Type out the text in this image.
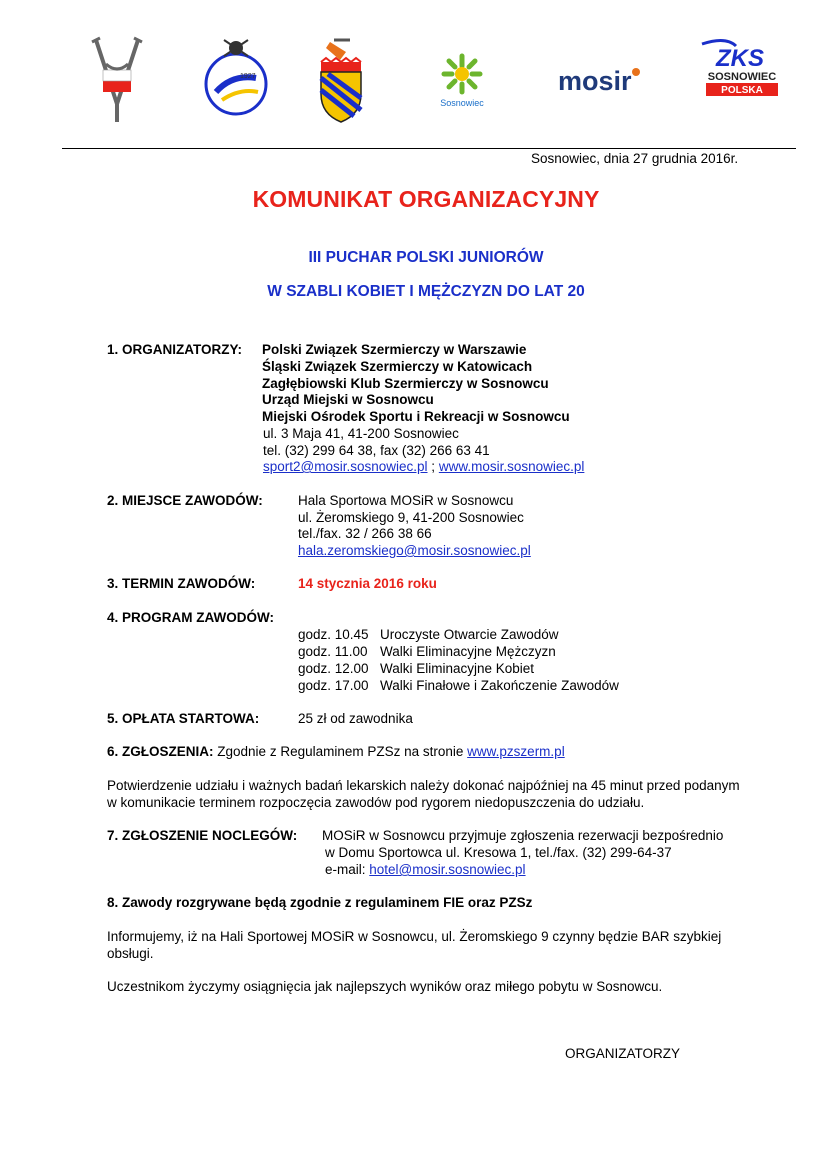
1927
Sosnowiec
mosir
ZKS
SOSNOWIEC
POLSKA
Sosnowiec, dnia 27 grudnia 2016r.
KOMUNIKAT ORGANIZACYJNY
III PUCHAR POLSKI JUNIORÓW
W SZABLI KOBIET I MĘŻCZYZN DO LAT 20
1. ORGANIZATORZY: Polski Związek Szermierczy w Warszawie
Śląski Związek Szermierczy w Katowicach
Zagłębiowski Klub Szermierczy w Sosnowcu
Urząd Miejski w Sosnowcu
Miejski Ośrodek Sportu i Rekreacji w Sosnowcu
ul. 3 Maja 41, 41-200 Sosnowiec
tel. (32) 299 64 38, fax (32) 266 63 41
sport2@mosir.sosnowiec.pl ; www.mosir.sosnowiec.pl
2. MIEJSCE ZAWODÓW:	Hala Sportowa MOSiR w Sosnowcu
ul. Żeromskiego 9, 41-200 Sosnowiec
tel./fax. 32 / 266 38 66
hala.zeromskiego@mosir.sosnowiec.pl
3. TERMIN ZAWODÓW:	14 stycznia 2016 roku
4. PROGRAM ZAWODÓW:
godz. 10.45 Uroczyste Otwarcie Zawodów
godz. 11.00 Walki Eliminacyjne Mężczyzn
godz. 12.00 Walki Eliminacyjne Kobiet
godz. 17.00 Walki Finałowe i Zakończenie Zawodów
5. OPŁATA STARTOWA:	25 zł od zawodnika
6. ZGŁOSZENIA: Zgodnie z Regulaminem PZSz na stronie www.pzszerm.pl
Potwierdzenie udziału i ważnych badań lekarskich należy dokonać najpóźniej na 45 minut przed podanym w komunikacie terminem rozpoczęcia zawodów pod rygorem niedopuszczenia do udziału.
7. ZGŁOSZENIE NOCLEGÓW: MOSiR w Sosnowcu przyjmuje zgłoszenia rezerwacji bezpośrednio
w Domu Sportowca ul. Kresowa 1, tel./fax. (32) 299-64-37
e-mail: hotel@mosir.sosnowiec.pl
8. Zawody rozgrywane będą zgodnie z regulaminem FIE oraz PZSz
Informujemy, iż na Hali Sportowej MOSiR w Sosnowcu, ul. Żeromskiego 9 czynny będzie BAR szybkiej obsługi.
Uczestnikom życzymy osiągnięcia jak najlepszych wyników oraz miłego pobytu w Sosnowcu.
ORGANIZATORZY
